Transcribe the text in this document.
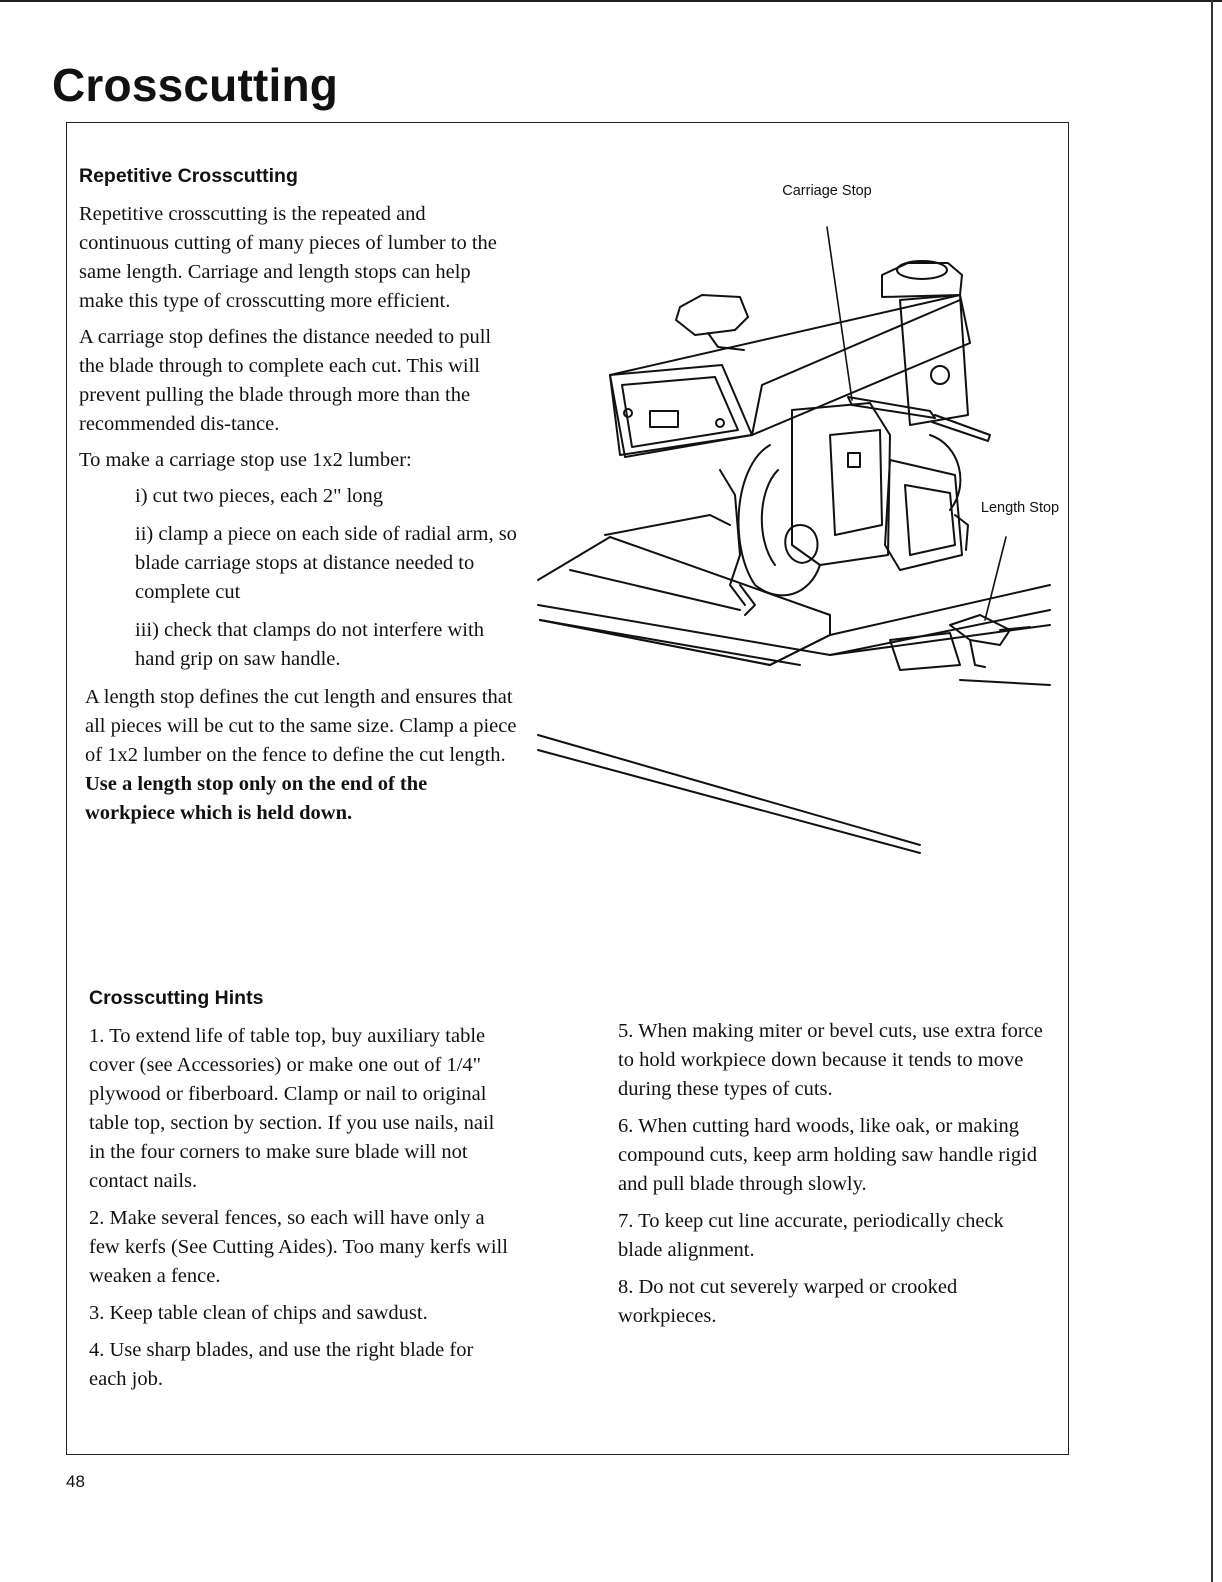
Crosscutting
Repetitive Crosscutting

Repetitive crosscutting is the repeated and continuous cutting of many pieces of lumber to the same length. Carriage and length stops can help make this type of crosscutting more efficient.

A carriage stop defines the distance needed to pull the blade through to complete each cut. This will prevent pulling the blade through more than the recommended dis-tance.

To make a carriage stop use 1x2 lumber:

i) cut two pieces, each 2" long

ii) clamp a piece on each side of radial arm, so blade carriage stops at distance needed to complete cut

iii) check that clamps do not interfere with hand grip on saw handle.

A length stop defines the cut length and ensures that all pieces will be cut to the same size. Clamp a piece of 1x2 lumber on the fence to define the cut length. Use a length stop only on the end of the workpiece which is held down.

Carriage Stop
Length Stop
Crosscutting Hints

1. To extend life of table top, buy auxiliary table cover (see Accessories) or make one out of 1/4" plywood or fiberboard. Clamp or nail to original table top, section by section. If you use nails, nail in the four corners to make sure blade will not contact nails.

2. Make several fences, so each will have only a few kerfs (See Cutting Aides). Too many kerfs will weaken a fence.

3. Keep table clean of chips and sawdust.

4. Use sharp blades, and use the right blade for each job.

5. When making miter or bevel cuts, use extra force to hold workpiece down because it tends to move during these types of cuts.

6. When cutting hard woods, like oak, or making compound cuts, keep arm holding saw handle rigid and pull blade through slowly.

7. To keep cut line accurate, periodically check blade alignment.

8. Do not cut severely warped or crooked workpieces.

48
